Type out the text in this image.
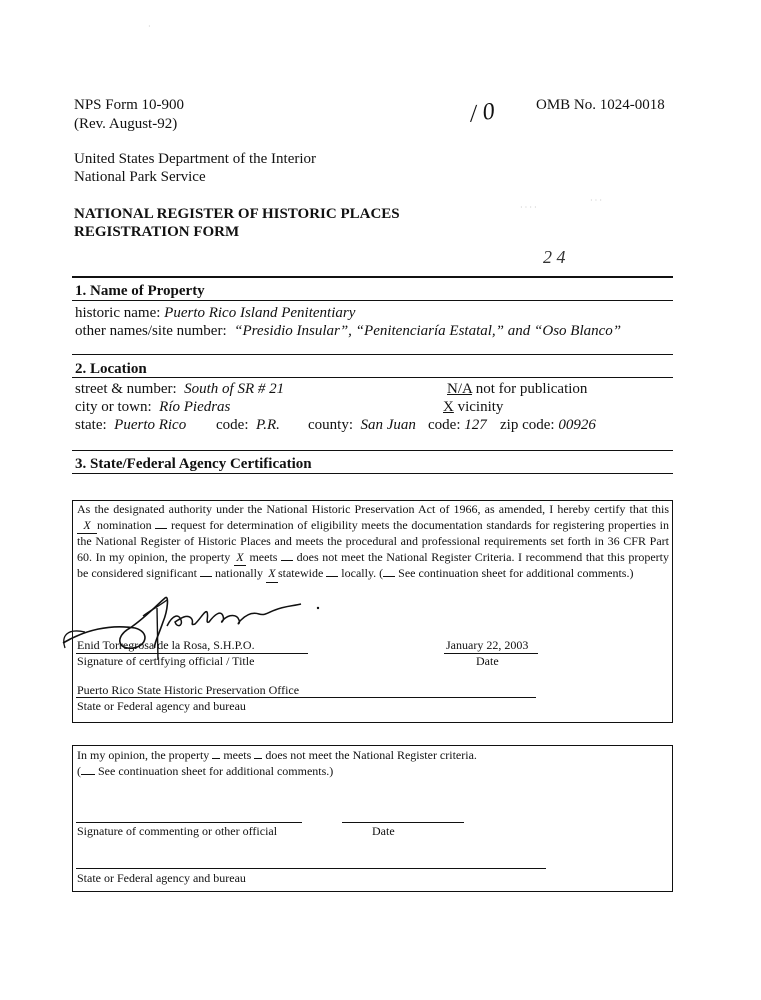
·
· · · ·
· · ·
NPS Form 10-900
(Rev. August-92)
OMB No. 1024-0018
/ 0
United States Department of the Interior
National Park Service
NATIONAL REGISTER OF HISTORIC PLACES
REGISTRATION FORM
2 4
1. Name of Property
historic name: Puerto Rico Island Penitentiary
other names/site number: “Presidio Insular”, “Penitenciaría Estatal,” and “Oso Blanco”
2. Location
street & number: South of SR # 21	N/A not for publication
city or town: Río Piedras	X vicinity
state: Puerto Rico code: P.R. county: San Juan code: 127 zip code: 00926
3. State/Federal Agency Certification
As the designated authority under the National Historic Preservation Act of 1966, as amended, I hereby certify that this X nomination request for determination of eligibility meets the documentation standards for registering properties in the National Register of Historic Places and meets the procedural and professional requirements set forth in 36 CFR Part 60. In my opinion, the property X meets does not meet the National Register Criteria. I recommend that this property be considered significant nationally X statewide locally. ( See continuation sheet for additional comments.)
Enid Torregrosa de la Rosa, S.H.P.O.
Signature of certifying official / Title
January 22, 2003
Date
Puerto Rico State Historic Preservation Office
State or Federal agency and bureau
In my opinion, the property meets does not meet the National Register criteria.
( See continuation sheet for additional comments.)
Signature of commenting or other official	Date
State or Federal agency and bureau
